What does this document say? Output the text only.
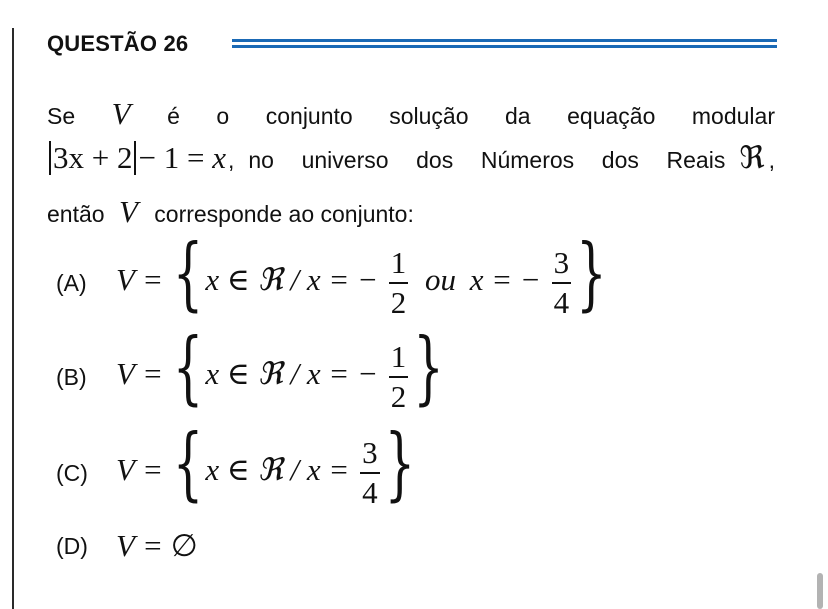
QUESTÃO 26
Se V é o conjunto solução da equação modular
3x + 2 − 1 = x , no universo dos Números dos Reais ℜ ,
então V corresponde ao conjunto:
(A) V = {x ∈ ℜ / x = − $\frac{1}{2}$ ou x = − $\frac{3}{4}$ }
(B) V = {x ∈ ℜ / x = − $\frac{1}{2}$ }
(C) V = {x ∈ ℜ / $x = \frac{3}{4}$ }
(D) V = ∅
